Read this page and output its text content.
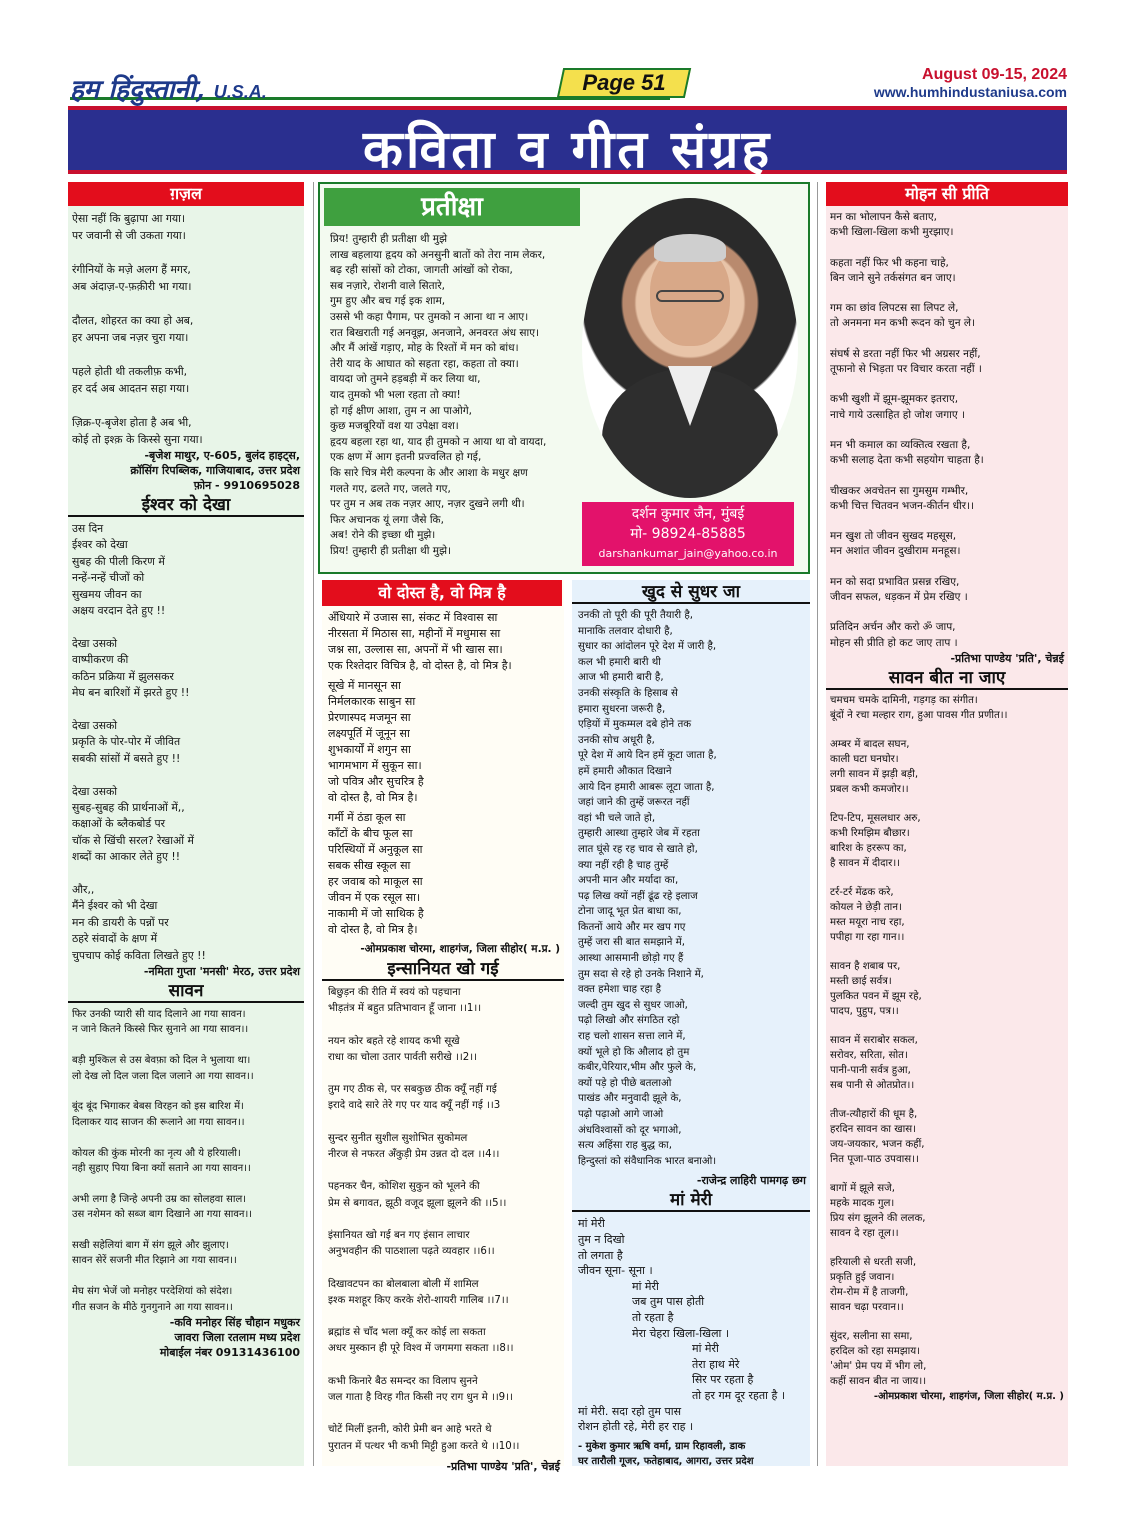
हम हिंदुस्तानी, U.S.A.	Page 51	August 09-15, 2024
www.humhindustaniusa.com
कविता व गीत संग्रह
ग़ज़ल

ऐसा नहीं कि बुढ़ापा आ गया।
पर जवानी से जी उकता गया।

रंगीनियों के मज़े अलग हैं मगर,
अब अंदाज़-ए-फ़क़ीरी भा गया।

दौलत, शोहरत का क्या हो अब,
हर अपना जब नज़र चुरा गया।

पहले होती थी तकलीफ़ कभी,
हर दर्द अब आदतन सहा गया।

ज़िक्र-ए-बृजेश होता है अब भी,
कोई तो इश्क़ के किस्से सुना गया।

-बृजेश माथुर, ए-605, बुलंद हाइट्स,
क्रॉसिंग रिपब्लिक, गाजियाबाद, उत्तर प्रदेश
फ़ोन - 9910695028
ईश्वर को देखा

उस दिन
ईश्वर को देखा
सुबह की पीली किरण में
नन्हें-नन्हें चीजों को
सुखमय जीवन का
अक्षय वरदान देते हुए !!

देखा उसको
वाष्पीकरण की
कठिन प्रक्रिया में झुलसकर
मेघ बन बारिशों में झरते हुए !!

देखा उसको
प्रकृति के पोर-पोर में जीवित
सबकी सांसों में बसते हुए !!

देखा उसको
सुबह-सुबह की प्रार्थनाओं में,,
कक्षाओं के ब्लैकबोर्ड पर
चॉक से खिंची सरल? रेखाओं में
शब्दों का आकार लेते हुए !!

और,,
मैंने ईश्वर को भी देखा
मन की डायरी के पन्नों पर
ठहरे संवादों के क्षण में
चुपचाप कोई कविता लिखते हुए !!

-नमिता गुप्ता 'मनसी' मेरठ, उत्तर प्रदेश
सावन

फिर उनकी प्यारी सी याद दिलाने आ गया सावन।
न जाने कितने किस्से फिर सुनाने आ गया सावन।।

बड़ी मुश्किल से उस बेवफ़ा को दिल ने भुलाया था।
लो देख लो दिल जला दिल जलाने आ गया सावन।।

बूंद बूंद भिगाकर बेबस विरहन को इस बारिश में।
दिलाकर याद साजन की रूलाने आ गया सावन।।

कोयल की कुंक मोरनी का नृत्य औ ये हरियाली।
नही सुहाए पिया बिना क्यों सताने आ गया सावन।।

अभी लगा है जिन्हे अपनी उम्र का सोलहवा साल।
उस नशेमन को सब्ज बाग दिखाने आ गया सावन।।

सखी सहेलियां बाग में संग झूले और झुलाए।
सावन सेरें सजनी मीत रिझाने आ गया सावन।।

मेघ संग भेजें जो मनोहर परदेशियां को संदेश।
गीत सजन के मीठे गुनगुनाने आ गया सावन।।

-कवि मनोहर सिंह चौहान मधुकर
जावरा जिला रतलाम मध्य प्रदेश
मोबाईल नंबर 09131436100
प्रतीक्षा

प्रिय! तुम्हारी ही प्रतीक्षा थी मुझे
लाख बहलाया हृदय को अनसुनी बातों को तेरा नाम लेकर,
बढ़ रही सांसों को टोका, जागती आंखों को रोका,
सब नज़ारे, रोशनी वाले सितारे,
गुम हुए और बच गई इक शाम,
उससे भी कहा पैगाम, पर तुमको न आना था न आए।
रात बिखराती गई अनवूझ, अनजाने, अनवरत अंध साए।
और मैं आंखें गड़ाए, मोह के रिश्तों में मन को बांध।
तेरी याद के आघात को सहता रहा, कहता तो क्या।
वायदा जो तुमने हड़बड़ी में कर लिया था,
याद तुमको भी भला रहता तो क्या!
हो गई क्षीण आशा, तुम न आ पाओगे,
कुछ मजबूरियों वश या उपेक्षा वश।
हृदय बहला रहा था, याद ही तुमको न आया था वो वायदा,
एक क्षण में आग इतनी प्रज्वलित हो गई,
कि सारे चित्र मेरी कल्पना के और आशा के मधुर क्षण
गलते गए, ढलते गए, जलते गए,
पर तुम न अब तक नज़र आए, नज़र दुखने लगी थी।
फिर अचानक यूं लगा जैसे कि,
अब! रोने की इच्छा थी मुझे।
प्रिय! तुम्हारी ही प्रतीक्षा थी मुझे।

दर्शन कुमार जैन, मुंबई
मो- 98924-85885
darshankumar_jain@yahoo.co.in
वो दोस्त है, वो मित्र है

अँधियारे में उजास सा, संकट में विश्वास सा
नीरसता में मिठास सा, महीनों में मधुमास सा
जश्न सा, उल्लास सा, अपनों में भी खास सा।
एक रिश्तेदार विचित्र है, वो दोस्त है, वो मित्र है।

सूखे में मानसून सा
निर्मलकारक साबुन सा
प्रेरणास्पद मजमून सा
लक्ष्यपूर्ति में जूनून सा
शुभकार्यों में शगुन सा
भागमभाग में सुकून सा।
जो पवित्र और सुचरित्र है
वो दोस्त है, वो मित्र है।

गर्मी में ठंडा कूल सा
काँटों के बीच फूल सा
परिस्थियों में अनुकूल सा
सबक सीख स्कूल सा
हर जवाब को माकूल सा
जीवन में एक रसूल सा।
नाकामी में जो साथिक है
वो दोस्त है, वो मित्र है।

-ओमप्रकाश चोरमा, शाहगंज, जिला सीहोर( म.प्र. )
इन्सानियत खो गई

बिछुड़न की रीति में स्वयं को पहचाना
भीड़तंत्र में बहुत प्रतिभावान हूँ जाना ।।1।।

नयन कोर बहते रहे शायद कभी सूखे
राधा का चोला उतार पार्वती सरीखे ।।2।।

तुम गए ठीक से, पर सबकुछ ठीक क्यूँ नहीं गई
इरादे वादे सारे तेरे गए पर याद क्यूँ नहीं गई ।।3

सुन्दर सुनीत सुशील सुशोभित सुकोमल
नीरज से नफरत अँकुड़ी प्रेम उन्नत दो दल ।।4।।

पहनकर चैन, कोशिश सुकुन को भूलने की
प्रेम से बगावत, झूठी वजूद झूला झूलने की ।।5।।

इंसानियत खो गई बन गए इंसान लाचार
अनुभवहीन की पाठशाला पढ़ते व्यवहार ।।6।।

दिखावटपन का बोलबाला बोली में शामिल
इश्क मशहूर किए करके शेरो-शायरी गालिब ।।7।।

ब्रह्मांड से चाँद भला क्यूँ कर कोई ला सकता
अधर मुस्कान ही पूरे विश्व में जगमगा सकता ।।8।।

कभी किनारे बैठ समन्दर का विलाप सुनने
जल गाता है विरह गीत किसी नए राग धुन मे ।।9।।

चोटें मिलीं इतनी, कोरी प्रेमी बन आहे भरते थे
पुरातन में पत्थर भी कभी मिट्टी हुआ करते थे ।।10।।

-प्रतिभा पाण्डेय 'प्रति', चेन्नई
खुद से सुधर जा

उनकी तो पूरी की पूरी तैयारी है,
मानाकि तलवार दोधारी है,
सुधार का आंदोलन पूरे देश में जारी है,
कल भी हमारी बारी थी
आज भी हमारी बारी है,
उनकी संस्कृति के हिसाब से
हमारा सुधरना जरूरी है,
एड़ियों में मुकम्मल दबे होने तक
उनकी सोच अधूरी है,
पूरे देश में आये दिन हमें कूटा जाता है,
हमें हमारी औकात दिखाने
आये दिन हमारी आबरू लूटा जाता है,
जहां जाने की तुम्हें जरूरत नहीं
वहां भी चले जाते हो,
तुम्हारी आस्था तुम्हारे जेब में रहता
लात घूंसे रह रह चाव से खाते हो,
क्या नहीं रही है चाह तुम्हें
अपनी मान और मर्यादा का,
पढ़ लिख क्यों नहीं ढूंढ रहे इलाज
टोना जादू भूत प्रेत बाधा का,
कितनों आये और मर खप गए
तुम्हें जरा सी बात समझाने में,
आस्था आसमानी छोड़ो गए हैं
तुम सदा से रहे हो उनके निशाने में,
वक्त हमेशा चाह रहा है
जल्दी तुम खुद से सुधर जाओ,
पढ़ो लिखो और संगठित रहो
राह चलो शासन सत्ता लाने में,
क्यों भूले हो कि औलाद हो तुम
कबीर,पेरियार,भीम और फुले के,
क्यों पड़े हो पीछे बतलाओ
पाखंड और मनुवादी झूले के,
पढ़ो पढ़ाओ आगे जाओ
अंधविश्वासों को दूर भगाओ,
सत्य अहिंसा राह बुद्ध का,
हिन्दुस्तां को संवैधानिक भारत बनाओ।

-राजेन्द्र लाहिरी पामगढ़ छग
मां मेरी

मां मेरी
तुम न दिखो
तो लगता है
जीवन सूना- सूना ।

मां मेरी
जब तुम पास होती
तो रहता है
मेरा चेहरा खिला-खिला ।

मां मेरी
तेरा हाथ मेरे
सिर पर रहता है
तो हर गम दूर रहता है ।

मां मेरी. सदा रहो तुम पास
रोशन होती रहे, मेरी हर राह ।

- मुकेश कुमार ऋषि वर्मा, ग्राम रिहावली, डाक
घर तारौली गूजर, फतेहाबाद, आगरा, उत्तर प्रदेश
मोहन सी प्रीति

मन का भोलापन कैसे बताए,
कभी खिला-खिला कभी मुरझाए।

कहता नहीं फिर भी कहना चाहे,
बिन जाने सुने तर्कसंगत बन जाए।

गम का छांव लिपटस सा लिपट ले,
तो अनमना मन कभी रूदन को चुन ले।

संघर्ष से डरता नहीं फिर भी अग्रसर नहीं,
तूफानो से भिड़ता पर विचार करता नहीं ।

कभी खुशी में झूम-झूमकर इतराए,
नाचे गाये उत्साहित हो जोश जगाए ।

मन भी कमाल का व्यक्तित्व रखता है,
कभी सलाह देता कभी सहयोग चाहता है।

चीखकर अवचेतन सा गुमसुम गम्भीर,
कभी चित्त चितवन भजन-कीर्तन धीर।।

मन खुश तो जीवन सुखद महसूस,
मन अशांत जीवन दुखीराम मनहूस।

मन को सदा प्रभावित प्रसन्न रखिए,
जीवन सफल, धड़कन में प्रेम रखिए ।

प्रतिदिन अर्चन और करो ॐ जाप,
मोहन सी प्रीति हो कट जाए ताप ।

-प्रतिभा पाण्डेय 'प्रति', चेन्नई
सावन बीत ना जाए

चमचम चमके दामिनी, गड़गड़ का संगीत।
बूंदों ने रचा मल्हार राग, हुआ पावस गीत प्रणीत।।

अम्बर में बादल सघन,
काली घटा घनघोर।
लगी सावन में झड़ी बड़ी,
प्रबल कभी कमजोर।।

टिप-टिप, मूसलधार अरु,
कभी रिमझिम बौछार।
बारिश के हररूप का,
है सावन में दीदार।।

टर्र-टर्र मेंढक करे,
कोयल ने छेड़ी तान।
मस्त मयूरा नाच रहा,
पपीहा गा रहा गान।।

सावन है शबाब पर,
मस्ती छाई सर्वत्र।
पुलकित पवन में झूम रहे,
पादप, पुहुप, पत्र।।

सावन में सराबोर सकल,
सरोवर, सरिता, सोत।
पानी-पानी सर्वत्र हुआ,
सब पानी से ओतप्रोत।।

तीज-त्यौहारों की धूम है,
हरदिन सावन का खास।
जय-जयकार, भजन कहीं,
नित पूजा-पाठ उपवास।।

बागों में झूले सजे,
महके मादक गुल।
प्रिय संग झूलने की ललक,
सावन दे रहा तूल।।

हरियाली से धरती सजी,
प्रकृति हुई जवान।
रोम-रोम में है ताजगी,
सावन चढ़ा परवान।।

सुंदर, सलीना सा समा,
हरदिल को रहा समझाय।
'ओम' प्रेम पय में भीग लो,
कहीं सावन बीत ना जाय।।

-ओमप्रकाश चोरमा, शाहगंज, जिला सीहोर( म.प्र. )
